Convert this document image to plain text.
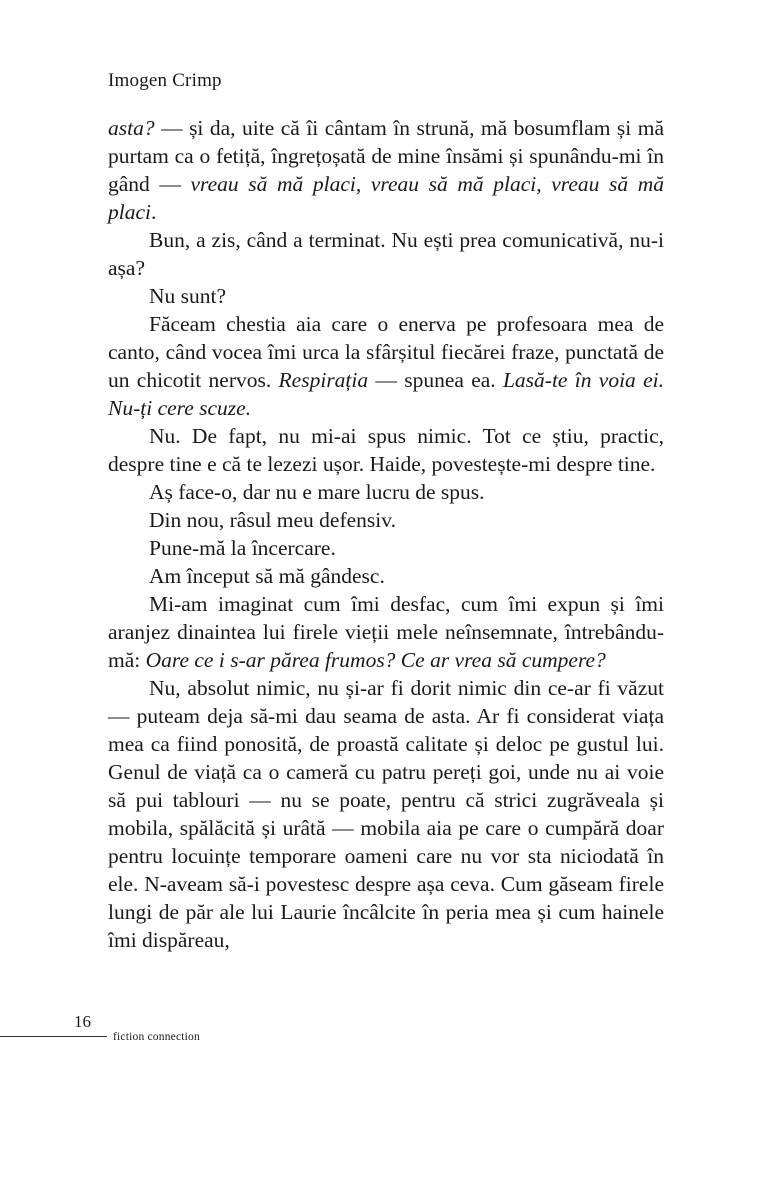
Imogen Crimp

asta? — și da, uite că îi cântam în strună, mă bosumflam și mă purtam ca o fetiță, îngrețoșată de mine însămi și spunându-mi în gând — vreau să mă placi, vreau să mă placi, vreau să mă placi.

Bun, a zis, când a terminat. Nu ești prea comunicativă, nu-i așa?

Nu sunt?

Făceam chestia aia care o enerva pe profesoara mea de canto, când vocea îmi urca la sfârșitul fiecărei fraze, punctată de un chicotit nervos. Respirația — spunea ea. Lasă-te în voia ei. Nu-ți cere scuze.

Nu. De fapt, nu mi-ai spus nimic. Tot ce știu, practic, despre tine e că te lezezi ușor. Haide, povestește-mi despre tine.

Aș face-o, dar nu e mare lucru de spus.

Din nou, râsul meu defensiv.

Pune-mă la încercare.

Am început să mă gândesc.

Mi-am imaginat cum îmi desfac, cum îmi expun și îmi aranjez dinaintea lui firele vieții mele neînsemnate, întrebându-mă: Oare ce i s-ar părea frumos? Ce ar vrea să cumpere?

Nu, absolut nimic, nu și-ar fi dorit nimic din ce-ar fi văzut — puteam deja să-mi dau seama de asta. Ar fi considerat viața mea ca fiind ponosită, de proastă calitate și deloc pe gustul lui. Genul de viață ca o cameră cu patru pereți goi, unde nu ai voie să pui tablouri — nu se poate, pentru că strici zugrăveala și mobila, spălăcită și urâtă — mobila aia pe care o cumpără doar pentru locuințe temporare oameni care nu vor sta niciodată în ele. N-aveam să-i povestesc despre așa ceva. Cum găseam firele lungi de păr ale lui Laurie încâlcite în peria mea și cum hainele îmi dispăreau,

16
fiction connection
